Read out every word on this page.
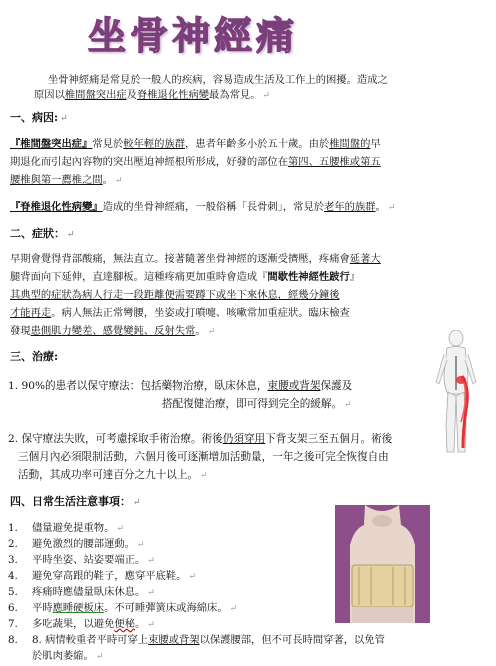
坐骨神經痛
坐骨神經痛是常見於一般人的疾病，容易造成生活及工作上的困擾。造成之
原因以椎間盤突出症及脊椎退化性病變最為常見。 ↵
一、病因: ↵
『椎間盤突出症』常見於較年輕的族群，患者年齡多小於五十歲。由於椎間盤的早
期退化而引起內容物的突出壓迫神經根所形成，好發的部位在第四、五腰椎或第五
腰椎與第一薦椎之間。 ↵
『脊椎退化性病變』造成的坐骨神經痛，一般俗稱「長骨刺」，常見於老年的族群。 ↵
二、症狀： ↵
早期會覺得背部酸痛，無法直立。接著隨著坐骨神經的逐漸受擠壓，疼痛會延著大
腿背面向下延伸，直達腳板。這種疼痛更加重時會造成『間歇性神經性跛行』
其典型的症狀為病人行走一段距離便需要蹲下或坐下來休息，經幾分鐘後
才能再走。病人無法正常彎腰，坐姿或打噴嚏、咳嗽常加重症狀。臨床檢查
發現患側肌力變差、感覺變鈍、反射失常。 ↵
三、治療:
1. 90%的患者以保守療法：包括藥物治療，臥床休息，束腰或背架保護及
搭配復健治療，即可得到完全的緩解。 ↵
2. 保守療法失敗，可考慮採取手術治療。術後仍須穿用下背支架三至五個月。術後
三個月內必須限制活動，六個月後可逐漸增加活動量，一年之後可完全恢復自由
活動，其成功率可達百分之九十以上。 ↵
四、日常生活注意事項： ↵
1. 儘量避免提重物。 ↵
2. 避免激烈的腰部運動。 ↵
3. 平時坐姿、站姿要端正。 ↵
4. 避免穿高跟的鞋子，應穿平底鞋。 ↵
5. 疼痛時應儘量臥床休息。 ↵
6. 平時應睡硬板床。不可睡彈簧床或海綿床。 ↵
7. 多吃蔬果，以避免便秘。 ↵
8. 8. 病情較重者平時可穿上束腰或背架以保護腰部，但不可長時間穿著，以免管
於肌肉萎縮。 ↵
